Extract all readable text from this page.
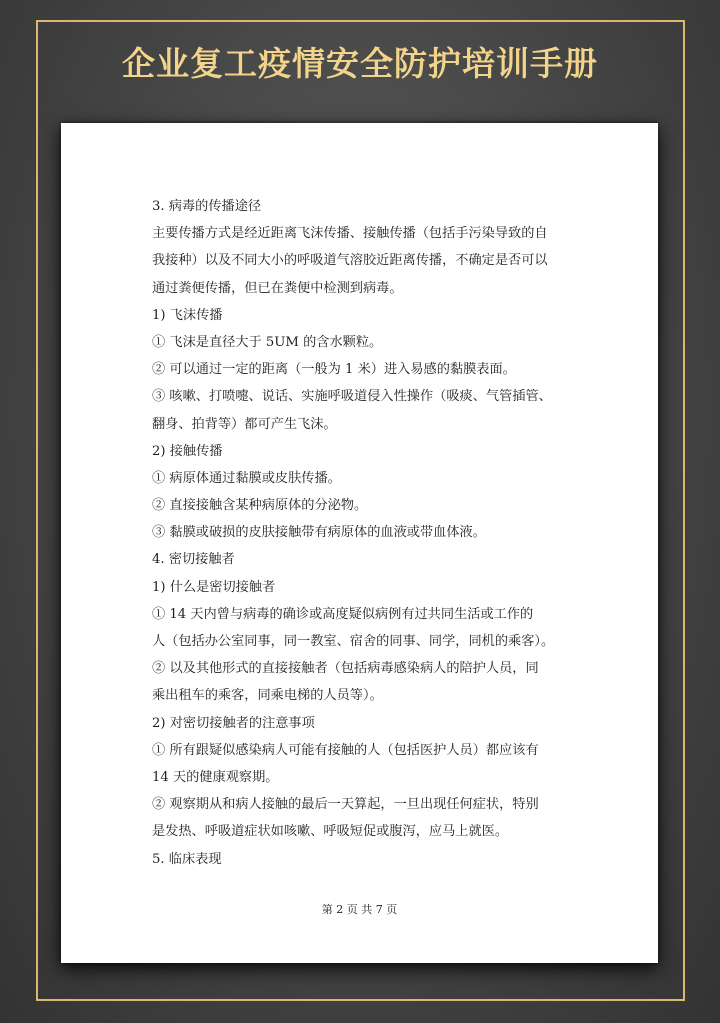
企业复工疫情安全防护培训手册
3. 病毒的传播途径
主要传播方式是经近距离飞沫传播、接触传播（包括手污染导致的自
我接种）以及不同大小的呼吸道气溶胶近距离传播，不确定是否可以
通过粪便传播，但已在粪便中检测到病毒。
1) 飞沫传播
① 飞沫是直径大于 5UM 的含水颗粒。
② 可以通过一定的距离（一般为 1 米）进入易感的黏膜表面。
③ 咳嗽、打喷嚏、说话、实施呼吸道侵入性操作（吸痰、气管插管、
翻身、拍背等）都可产生飞沫。
2) 接触传播
① 病原体通过黏膜或皮肤传播。
② 直接接触含某种病原体的分泌物。
③ 黏膜或破损的皮肤接触带有病原体的血液或带血体液。
4. 密切接触者
1) 什么是密切接触者
① 14 天内曾与病毒的确诊或高度疑似病例有过共同生活或工作的
人（包括办公室同事，同一教室、宿舍的同事、同学，同机的乘客）。
② 以及其他形式的直接接触者（包括病毒感染病人的陪护人员，同
乘出租车的乘客，同乘电梯的人员等）。
2) 对密切接触者的注意事项
① 所有跟疑似感染病人可能有接触的人（包括医护人员）都应该有
14 天的健康观察期。
② 观察期从和病人接触的最后一天算起，一旦出现任何症状，特别
是发热、呼吸道症状如咳嗽、呼吸短促或腹泻，应马上就医。
5. 临床表现
第 2 页 共 7 页
